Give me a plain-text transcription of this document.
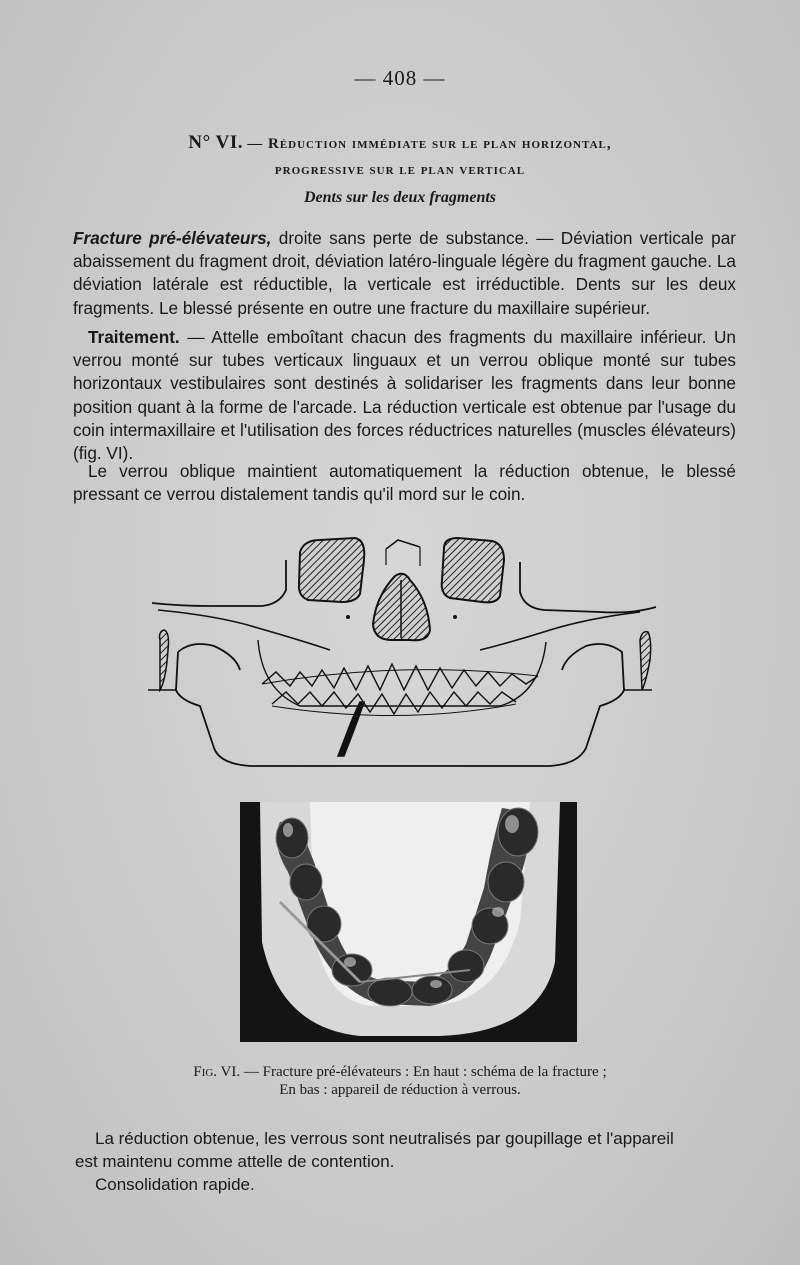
— 408 —
N° VI. — Réduction immédiate sur le plan horizontal,
progressive sur le plan vertical
Dents sur les deux fragments
Fracture pré-élévateurs, droite sans perte de substance. — Déviation verticale par abaissement du fragment droit, déviation latéro-linguale légère du fragment gauche. La déviation latérale est réductible, la verticale est irréductible. Dents sur les deux fragments. Le blessé présente en outre une fracture du maxillaire supérieur.
Traitement. — Attelle emboîtant chacun des fragments du maxillaire inférieur. Un verrou monté sur tubes verticaux linguaux et un verrou oblique monté sur tubes horizontaux vestibulaires sont destinés à solidariser les fragments dans leur bonne position quant à la forme de l'arcade. La réduction verticale est obtenue par l'usage du coin intermaxillaire et l'utilisation des forces réductrices naturelles (muscles élévateurs) (fig. VI).
Le verrou oblique maintient automatiquement la réduction obtenue, le blessé pressant ce verrou distalement tandis qu'il mord sur le coin.
Fig. VI. — Fracture pré-élévateurs : En haut : schéma de la fracture ;
En bas : appareil de réduction à verrous.
La réduction obtenue, les verrous sont neutralisés par goupillage et l'appareil
est maintenu comme attelle de contention.
Consolidation rapide.
